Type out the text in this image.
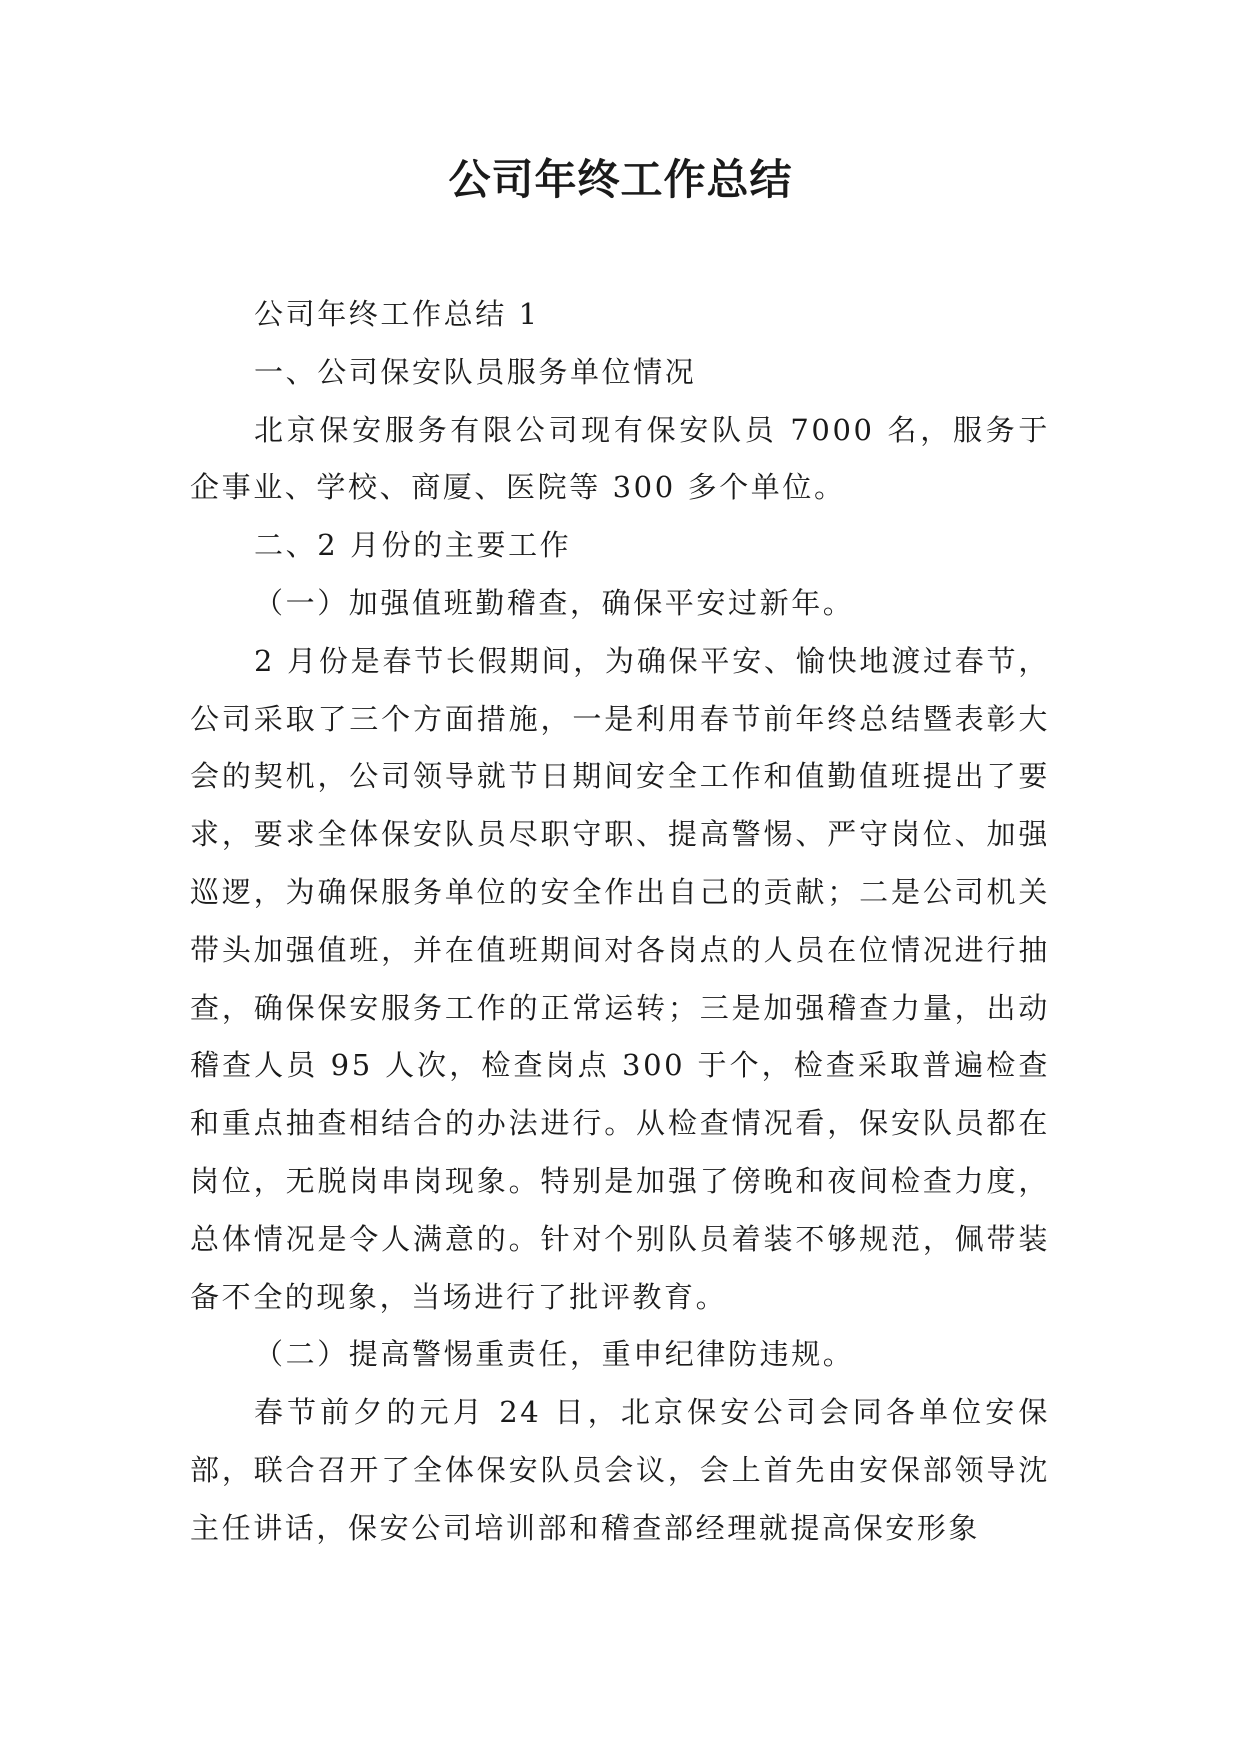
公司年终工作总结

公司年终工作总结 1

一、公司保安队员服务单位情况

北京保安服务有限公司现有保安队员 7000 名，服务于企事业、学校、商厦、医院等 300 多个单位。

二、2 月份的主要工作

（一）加强值班勤稽查，确保平安过新年。

2 月份是春节长假期间，为确保平安、愉快地渡过春节，公司采取了三个方面措施，一是利用春节前年终总结暨表彰大会的契机，公司领导就节日期间安全工作和值勤值班提出了要求，要求全体保安队员尽职守职、提高警惕、严守岗位、加强巡逻，为确保服务单位的安全作出自己的贡献；二是公司机关带头加强值班，并在值班期间对各岗点的人员在位情况进行抽查，确保保安服务工作的正常运转；三是加强稽查力量，出动稽查人员 95 人次，检查岗点 300 于个，检查采取普遍检查和重点抽查相结合的办法进行。从检查情况看，保安队员都在岗位，无脱岗串岗现象。特别是加强了傍晚和夜间检查力度，总体情况是令人满意的。针对个别队员着装不够规范，佩带装备不全的现象，当场进行了批评教育。

（二）提高警惕重责任，重申纪律防违规。

春节前夕的元月 24 日，北京保安公司会同各单位安保部，联合召开了全体保安队员会议，会上首先由安保部领导沈主任讲话，保安公司培训部和稽查部经理就提高保安形象
